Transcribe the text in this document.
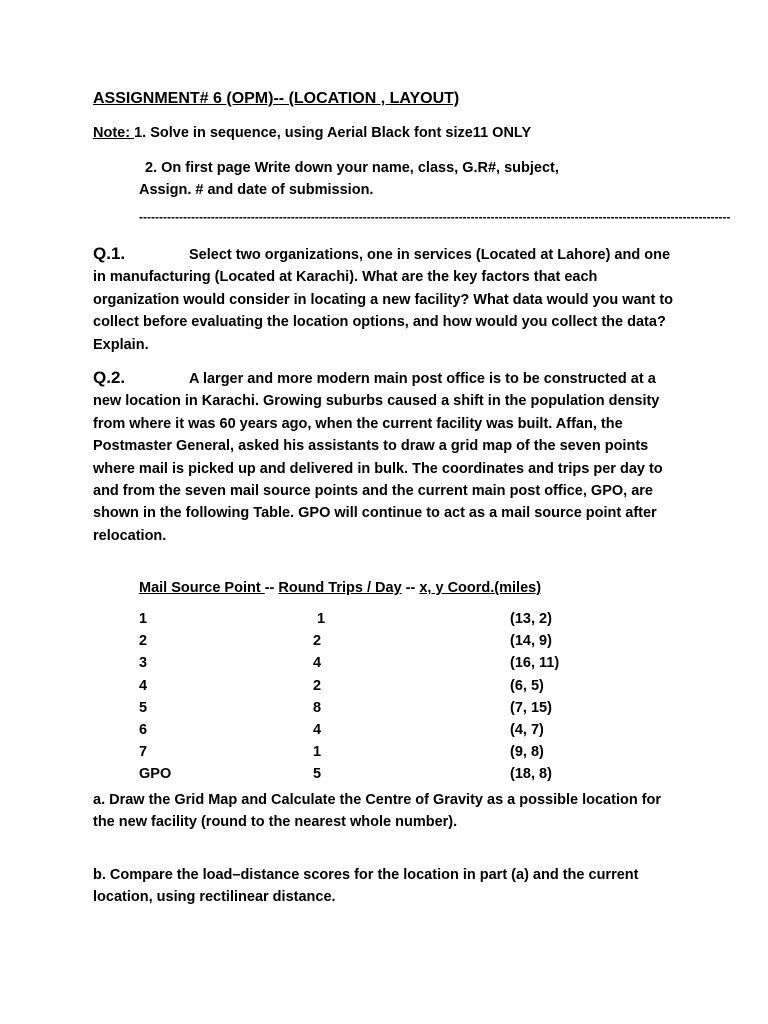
ASSIGNMENT# 6 (OPM)-- (LOCATION , LAYOUT)
Note: 1. Solve in sequence, using Aerial Black font size11 ONLY
2. On first page Write down your name, class, G.R#, subject,
Assign. # and date of submission.
----------------------------------------------------------------------------------------------------------------------------------------------------
Q.1.	Select two organizations, one in services (Located at Lahore) and one in manufacturing (Located at Karachi). What are the key factors that each organization would consider in locating a new facility? What data would you want to collect before evaluating the location options, and how would you collect the data? Explain.
Q.2.	A larger and more modern main post office is to be constructed at a new location in Karachi. Growing suburbs caused a shift in the population density from where it was 60 years ago, when the current facility was built. Affan, the Postmaster General, asked his assistants to draw a grid map of the seven points where mail is picked up and delivered in bulk. The coordinates and trips per day to and from the seven mail source points and the current main post office, GPO, are shown in the following Table. GPO will continue to act as a mail source point after relocation.
Mail Source Point -- Round Trips / Day -- x, y Coord.(miles)
1	1	(13, 2)
2	2	(14, 9)
3	4	(16, 11)
4	2	(6, 5)
5	8	(7, 15)
6	4	(4, 7)
7	1	(9, 8)
GPO	5	(18, 8)
a. Draw the Grid Map and Calculate the Centre of Gravity as a possible location for the new facility (round to the nearest whole number).
b. Compare the load–distance scores for the location in part (a) and the current location, using rectilinear distance.
